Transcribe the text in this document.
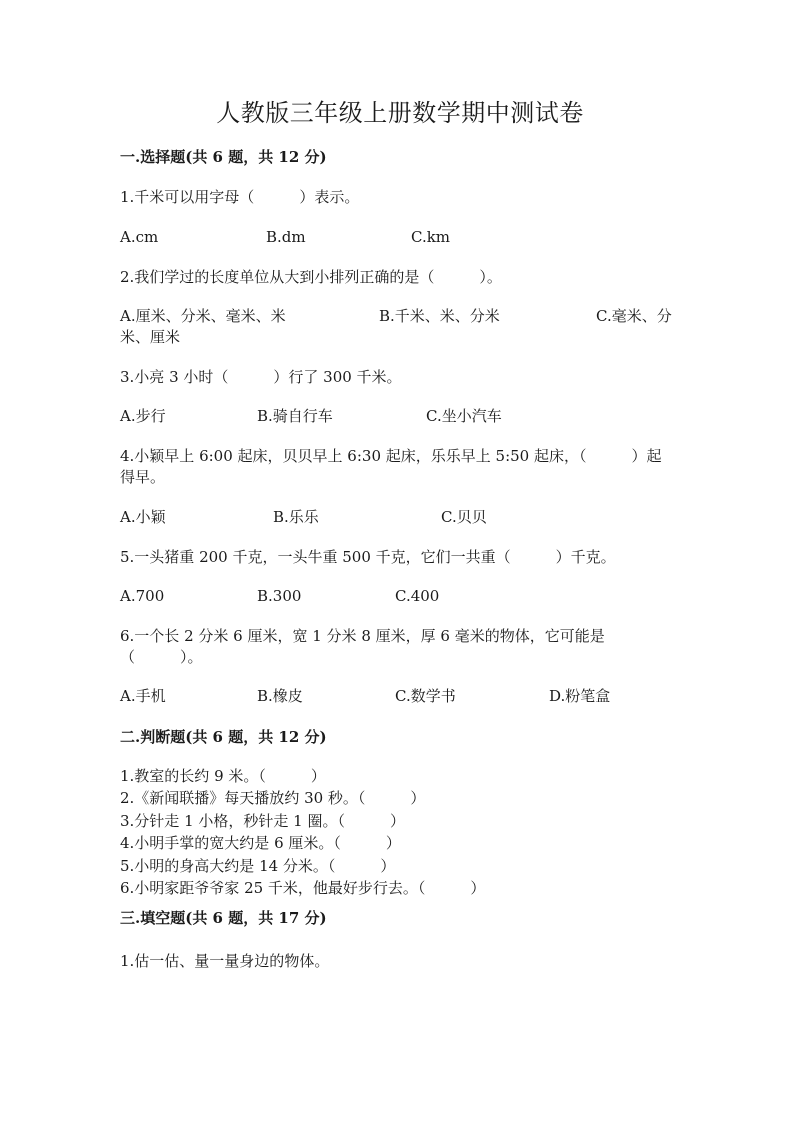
人教版三年级上册数学期中测试卷
一.选择题(共 6 题，共 12 分)
1.千米可以用字母（　　　）表示。
A.cm	B.dm	C.km
2.我们学过的长度单位从大到小排列正确的是（　　　）。
A.厘米、分米、毫米、米	B.千米、米、分米	C.毫米、分
米、厘米
3.小亮 3 小时（　　　）行了 300 千米。
A.步行	B.骑自行车	C.坐小汽车
4.小颖早上 6:00 起床，贝贝早上 6:30 起床，乐乐早上 5:50 起床，（　　　）起
得早。
A.小颖	B.乐乐	C.贝贝
5.一头猪重 200 千克，一头牛重 500 千克，它们一共重（　　　）千克。
A.700	B.300	C.400
6.一个长 2 分米 6 厘米，宽 1 分米 8 厘米，厚 6 毫米的物体，它可能是
（　　　）。
A.手机	B.橡皮	C.数学书	D.粉笔盒
二.判断题(共 6 题，共 12 分)
1.教室的长约 9 米。（　　　）
2.《新闻联播》每天播放约 30 秒。（　　　）
3.分针走 1 小格，秒针走 1 圈。（　　　）
4.小明手掌的宽大约是 6 厘米。（　　　）
5.小明的身高大约是 14 分米。（　　　）
6.小明家距爷爷家 25 千米，他最好步行去。（　　　）
三.填空题(共 6 题，共 17 分)
1.估一估、量一量身边的物体。
